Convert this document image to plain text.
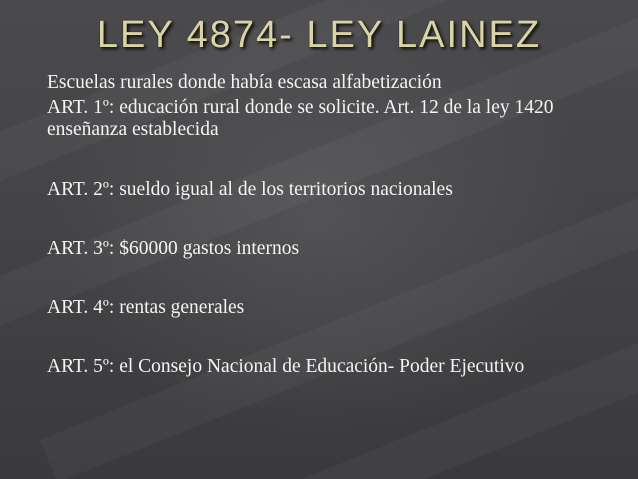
LEY 4874- LEY LAINEZ
Escuelas rurales donde había escasa alfabetización
ART. 1º: educación rural donde se solicite. Art. 12 de la ley 1420 enseñanza establecida
ART. 2º: sueldo igual al de los territorios nacionales
ART. 3º: $60000 gastos internos
ART. 4º: rentas generales
ART. 5º: el Consejo Nacional de Educación- Poder Ejecutivo
